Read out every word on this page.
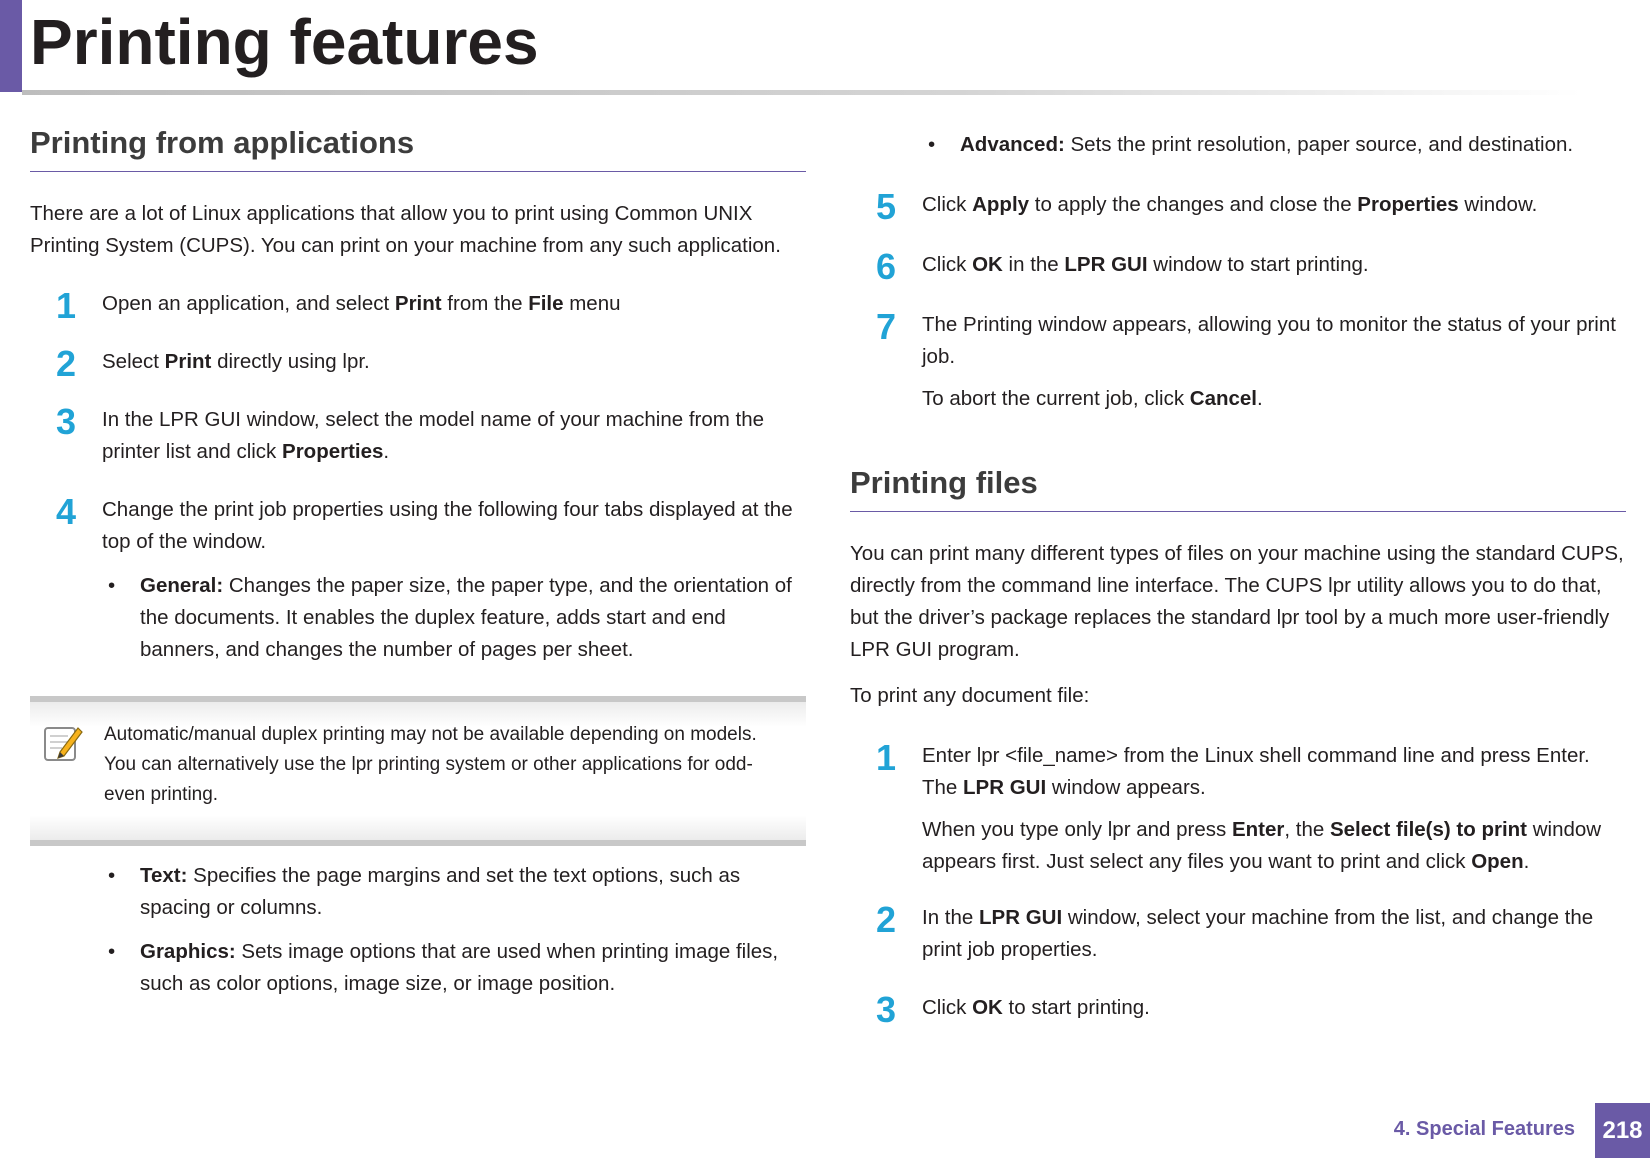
Printing features
Printing from applications

There are a lot of Linux applications that allow you to print using Common UNIX Printing System (CUPS). You can print on your machine from any such application.

1	Open an application, and select Print from the File menu
2	Select Print directly using lpr.
3	In the LPR GUI window, select the model name of your machine from the printer list and click Properties.
4	Change the print job properties using the following four tabs displayed at the top of the window.
• General: Changes the paper size, the paper type, and the orientation of the documents. It enables the duplex feature, adds start and end banners, and changes the number of pages per sheet.
Automatic/manual duplex printing may not be available depending on models. You can alternatively use the lpr printing system or other applications for odd-even printing.
• Text: Specifies the page margins and set the text options, such as spacing or columns.
• Graphics: Sets image options that are used when printing image files, such as color options, image size, or image position.
• Advanced: Sets the print resolution, paper source, and destination.
5	Click Apply to apply the changes and close the Properties window.
6	Click OK in the LPR GUI window to start printing.
7	The Printing window appears, allowing you to monitor the status of your print job.

To abort the current job, click Cancel.

Printing files

You can print many different types of files on your machine using the standard CUPS, directly from the command line interface. The CUPS lpr utility allows you to do that, but the driver’s package replaces the standard lpr tool by a much more user-friendly LPR GUI program.

To print any document file:

1	Enter lpr <file_name> from the Linux shell command line and press Enter. The LPR GUI window appears.

When you type only lpr and press Enter, the Select file(s) to print window appears first. Just select any files you want to print and click Open.

2	In the LPR GUI window, select your machine from the list, and change the print job properties.
3	Click OK to start printing.
4. Special Features	218
